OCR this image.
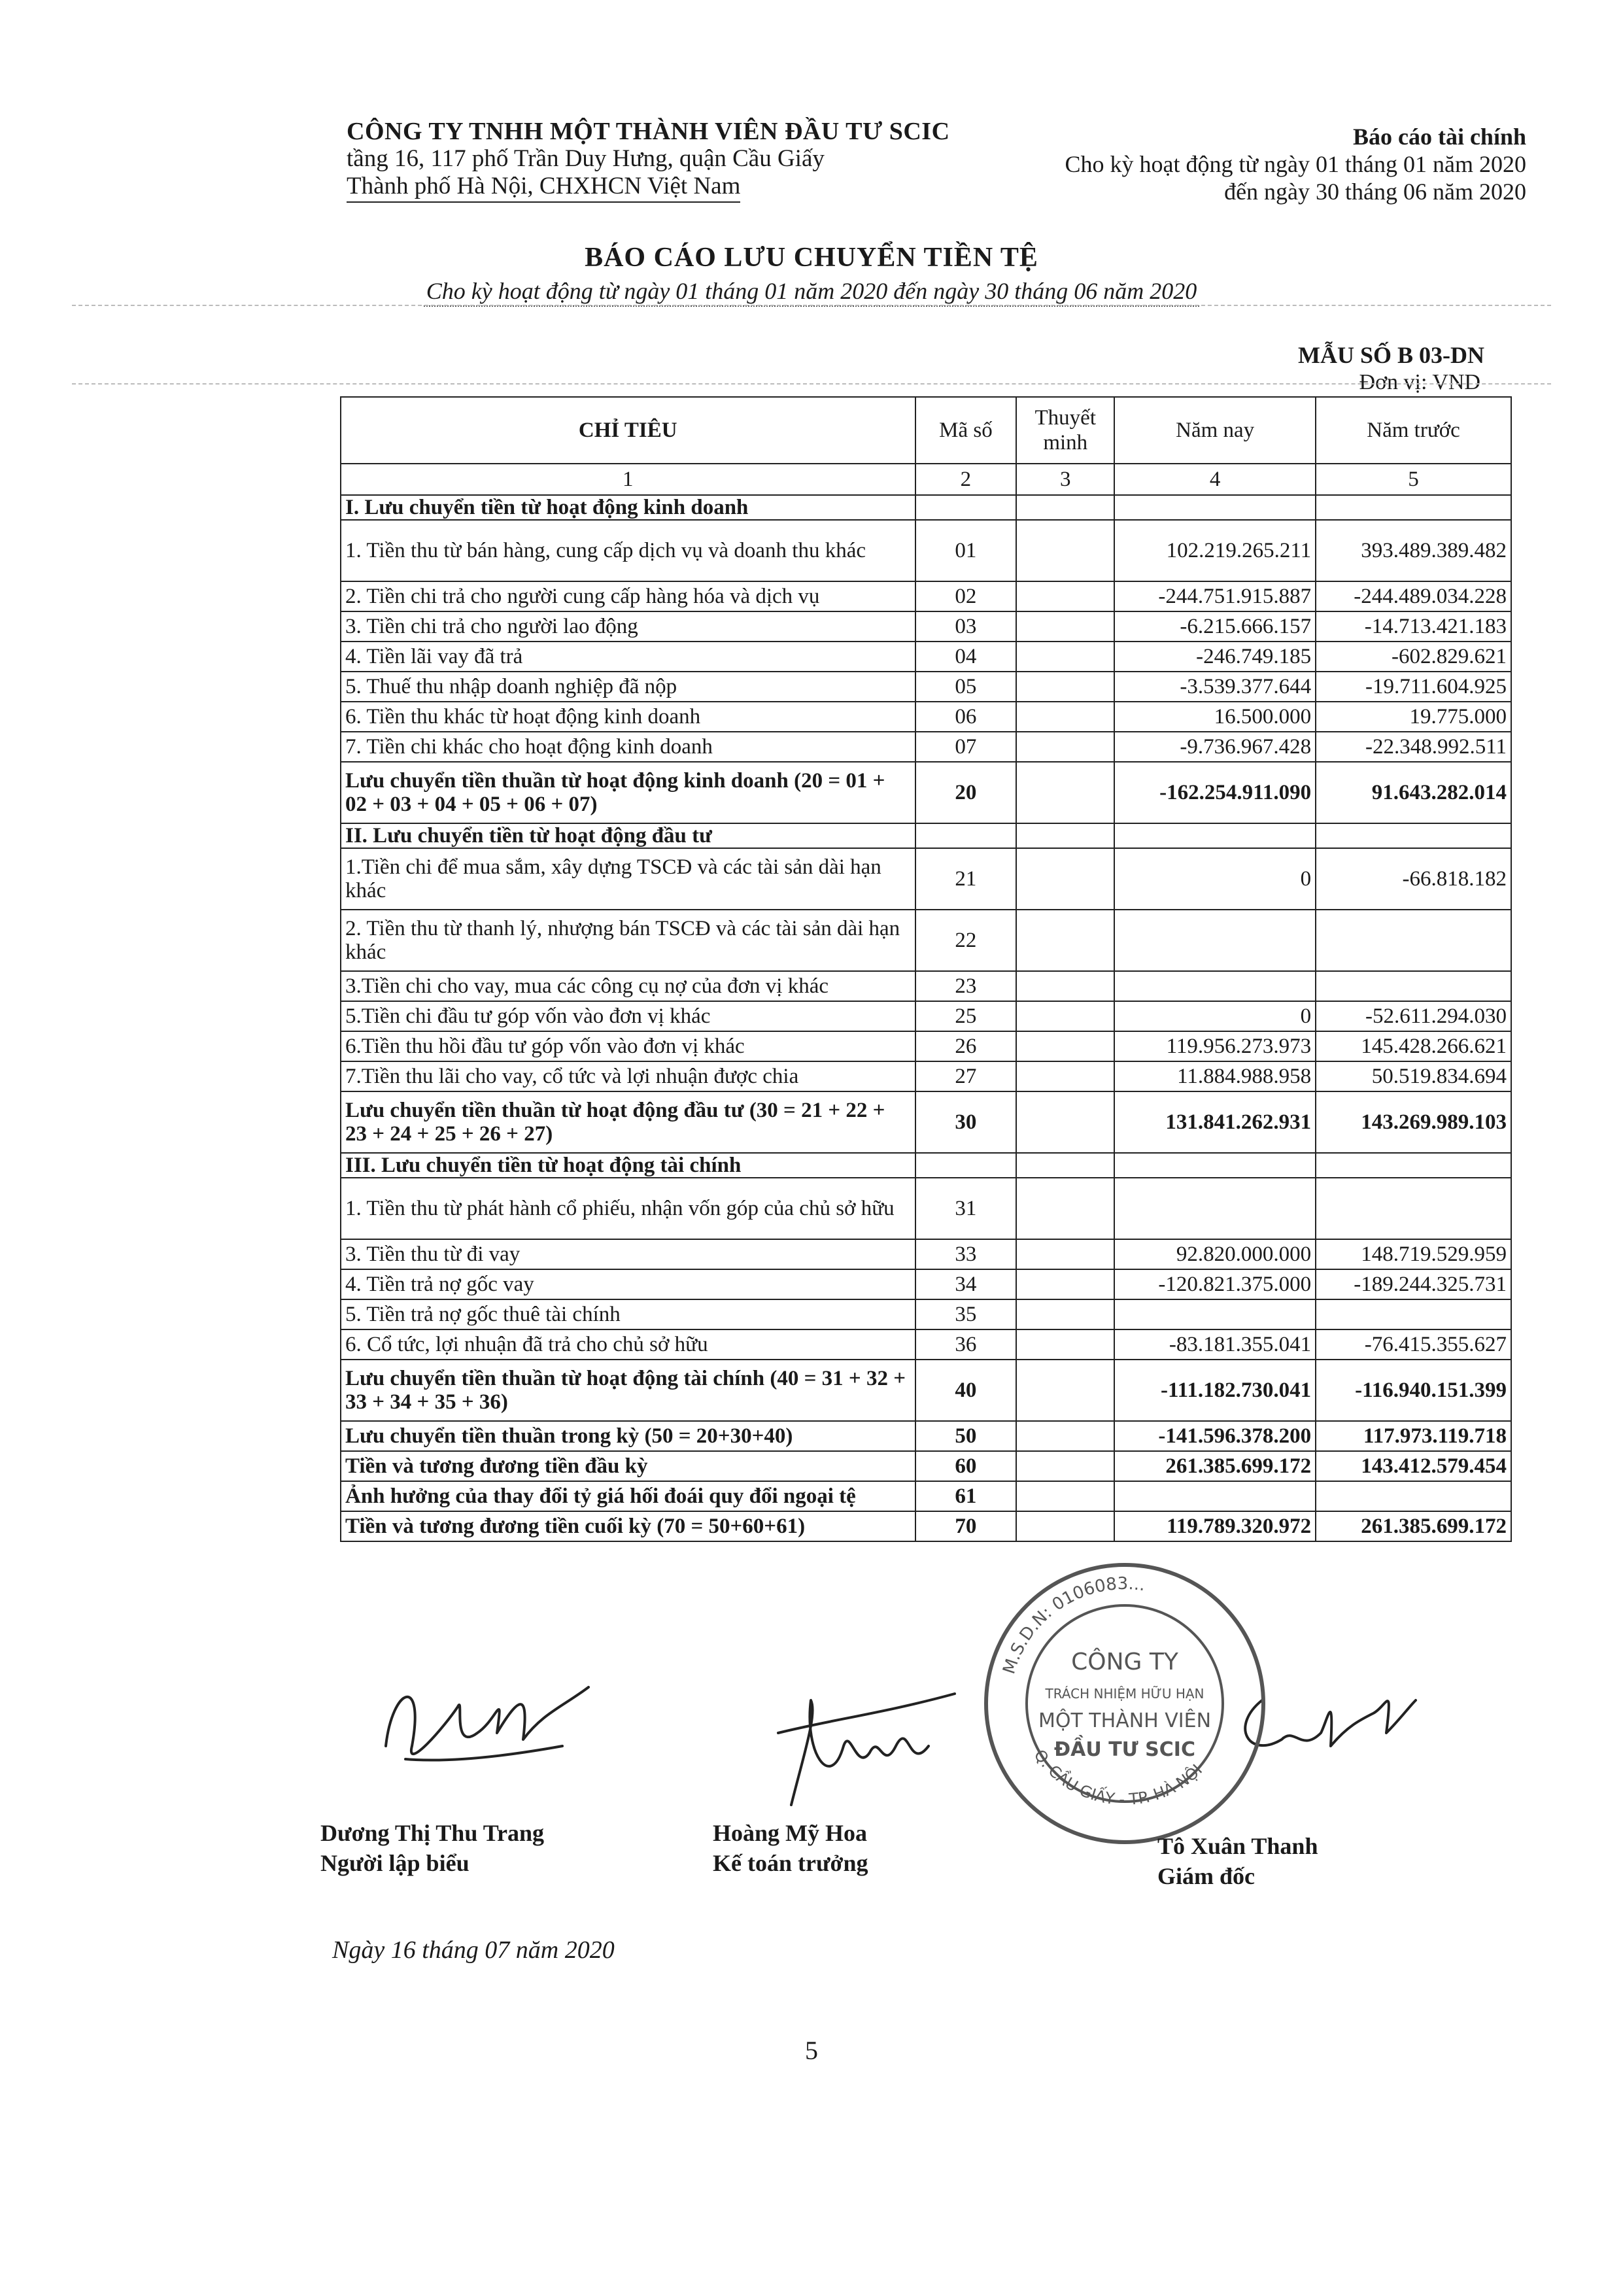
CÔNG TY TNHH MỘT THÀNH VIÊN ĐẦU TƯ SCIC
tầng 16, 117 phố Trần Duy Hưng, quận Cầu Giấy
Thành phố Hà Nội, CHXHCN Việt Nam
Báo cáo tài chính
Cho kỳ hoạt động từ ngày 01 tháng 01 năm 2020
đến ngày 30 tháng 06 năm 2020
BÁO CÁO LƯU CHUYỂN TIỀN TỆ
Cho kỳ hoạt động từ ngày 01 tháng 01 năm 2020 đến ngày 30 tháng 06 năm 2020
MẪU SỐ B 03-DN
Đơn vị: VND
CHỈ TIÊU	Mã số	Thuyết minh	Năm nay	Năm trước
1	2	3	4	5
I. Lưu chuyển tiền từ hoạt động kinh doanh				
1. Tiền thu từ bán hàng, cung cấp dịch vụ và doanh thu khác	01		102.219.265.211	393.489.389.482
2. Tiền chi trả cho người cung cấp hàng hóa và dịch vụ	02		-244.751.915.887	-244.489.034.228
3. Tiền chi trả cho người lao động	03		-6.215.666.157	-14.713.421.183
4. Tiền lãi vay đã trả	04		-246.749.185	-602.829.621
5. Thuế thu nhập doanh nghiệp đã nộp	05		-3.539.377.644	-19.711.604.925
6. Tiền thu khác từ hoạt động kinh doanh	06		16.500.000	19.775.000
7. Tiền chi khác cho hoạt động kinh doanh	07		-9.736.967.428	-22.348.992.511
Lưu chuyển tiền thuần từ hoạt động kinh doanh (20 = 01 + 02 + 03 + 04 + 05 + 06 + 07)	20		-162.254.911.090	91.643.282.014
II. Lưu chuyển tiền từ hoạt động đầu tư				
1.Tiền chi để mua sắm, xây dựng TSCĐ và các tài sản dài hạn khác	21		0	-66.818.182
2. Tiền thu từ thanh lý, nhượng bán TSCĐ và các tài sản dài hạn khác	22			
3.Tiền chi cho vay, mua các công cụ nợ của đơn vị khác	23			
5.Tiền chi đầu tư góp vốn vào đơn vị khác	25		0	-52.611.294.030
6.Tiền thu hồi đầu tư góp vốn vào đơn vị khác	26		119.956.273.973	145.428.266.621
7.Tiền thu lãi cho vay, cổ tức và lợi nhuận được chia	27		11.884.988.958	50.519.834.694
Lưu chuyển tiền thuần từ hoạt động đầu tư (30 = 21 + 22 + 23 + 24 + 25 + 26 + 27)	30		131.841.262.931	143.269.989.103
III. Lưu chuyển tiền từ hoạt động tài chính				
1. Tiền thu từ phát hành cổ phiếu, nhận vốn góp của chủ sở hữu	31			
3. Tiền thu từ đi vay	33		92.820.000.000	148.719.529.959
4. Tiền trả nợ gốc vay	34		-120.821.375.000	-189.244.325.731
5. Tiền trả nợ gốc thuê tài chính	35			
6. Cổ tức, lợi nhuận đã trả cho chủ sở hữu	36		-83.181.355.041	-76.415.355.627
Lưu chuyển tiền thuần từ hoạt động tài chính (40 = 31 + 32 + 33 + 34 + 35 + 36)	40		-111.182.730.041	-116.940.151.399
Lưu chuyển tiền thuần trong kỳ (50 = 20+30+40)	50		-141.596.378.200	117.973.119.718
Tiền và tương đương tiền đầu kỳ	60		261.385.699.172	143.412.579.454
Ảnh hưởng của thay đổi tỷ giá hối đoái quy đổi ngoại tệ	61			
Tiền và tương đương tiền cuối kỳ (70 = 50+60+61)	70		119.789.320.972	261.385.699.172
CÔNG TY
TRÁCH NHIỆM HỮU HẠN
MỘT THÀNH VIÊN
ĐẦU TƯ SCIC
M.S.D.N: 0106083...
Q. CẦU GIẤY - TP. HÀ NỘI
Dương Thị Thu Trang
Người lập biểu
Hoàng Mỹ Hoa
Kế toán trưởng
Tô Xuân Thanh
Giám đốc
Ngày 16 tháng 07 năm 2020
5
